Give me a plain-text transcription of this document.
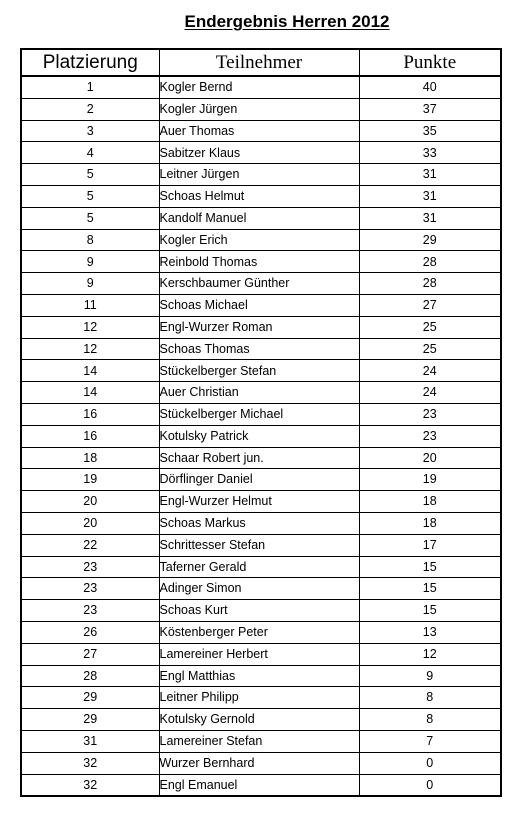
Endergebnis Herren 2012
Platzierung	Teilnehmer	Punkte
1	Kogler Bernd	40
2	Kogler Jürgen	37
3	Auer Thomas	35
4	Sabitzer Klaus	33
5	Leitner Jürgen	31
5	Schoas Helmut	31
5	Kandolf Manuel	31
8	Kogler Erich	29
9	Reinbold Thomas	28
9	Kerschbaumer Günther	28
11	Schoas Michael	27
12	Engl-Wurzer Roman	25
12	Schoas Thomas	25
14	Stückelberger Stefan	24
14	Auer Christian	24
16	Stückelberger Michael	23
16	Kotulsky Patrick	23
18	Schaar Robert jun.	20
19	Dörflinger Daniel	19
20	Engl-Wurzer Helmut	18
20	Schoas Markus	18
22	Schrittesser Stefan	17
23	Taferner Gerald	15
23	Adinger Simon	15
23	Schoas Kurt	15
26	Köstenberger Peter	13
27	Lamereiner Herbert	12
28	Engl Matthias	9
29	Leitner Philipp	8
29	Kotulsky Gernold	8
31	Lamereiner Stefan	7
32	Wurzer Bernhard	0
32	Engl Emanuel	0
